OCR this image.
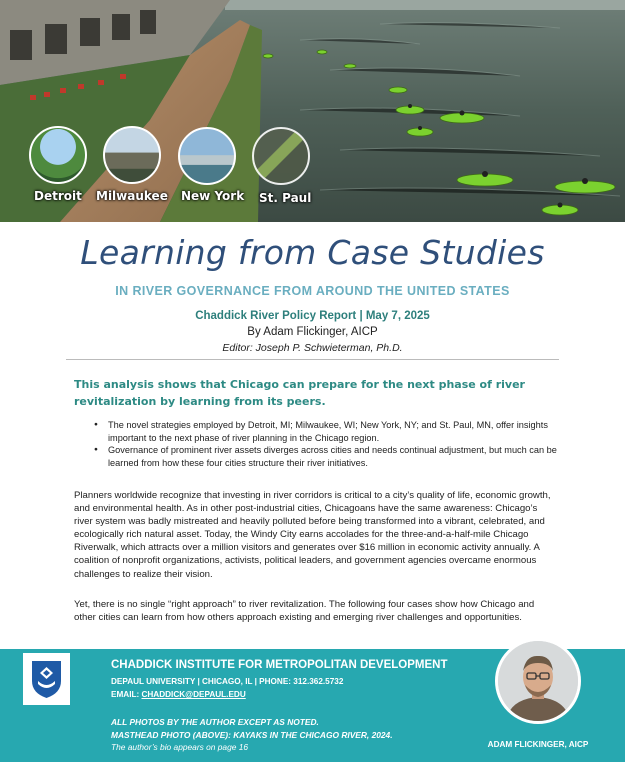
Detroit Milwaukee New York St. Paul
Learning from Case Studies
IN RIVER GOVERNANCE FROM AROUND THE UNITED STATES
Chaddick River Policy Report | May 7, 2025
By Adam Flickinger, AICP
Editor: Joseph P. Schwieterman, Ph.D.
This analysis shows that Chicago can prepare for the next phase of river revitalization by learning from its peers.
● The novel strategies employed by Detroit, MI; Milwaukee, WI; New York, NY; and St. Paul, MN, offer insights important to the next phase of river planning in the Chicago region.
● Governance of prominent river assets diverges across cities and needs continual adjustment, but much can be learned from how these four cities structure their river initiatives.

Planners worldwide recognize that investing in river corridors is critical to a city’s quality of life, economic growth, and environmental health. As in other post-industrial cities, Chicagoans have the same awareness: Chicago’s river system was badly mistreated and heavily polluted before being transformed into a vibrant, celebrated, and ecologically rich natural asset. Today, the Windy City earns accolades for the three-and-a-half-mile Chicago Riverwalk, which attracts over a million visitors and generates over $16 million in economic activity annually. A coalition of nonprofit organizations, activists, political leaders, and government agencies overcame enormous challenges to realize their vision.

Yet, there is no single “right approach” to river revitalization. The following four cases show how Chicago and other cities can learn from how others approach existing and emerging river challenges and opportunities.

CHADDICK INSTITUTE FOR METROPOLITAN DEVELOPMENT
DEPAUL UNIVERSITY | CHICAGO, IL | PHONE: 312.362.5732
EMAIL: CHADDICK@DEPAUL.EDU
ALL PHOTOS BY THE AUTHOR EXCEPT AS NOTED.
MASTHEAD PHOTO (ABOVE): KAYAKS IN THE CHICAGO RIVER, 2024.
The author’s bio appears on page 16	ADAM FLICKINGER, AICP
